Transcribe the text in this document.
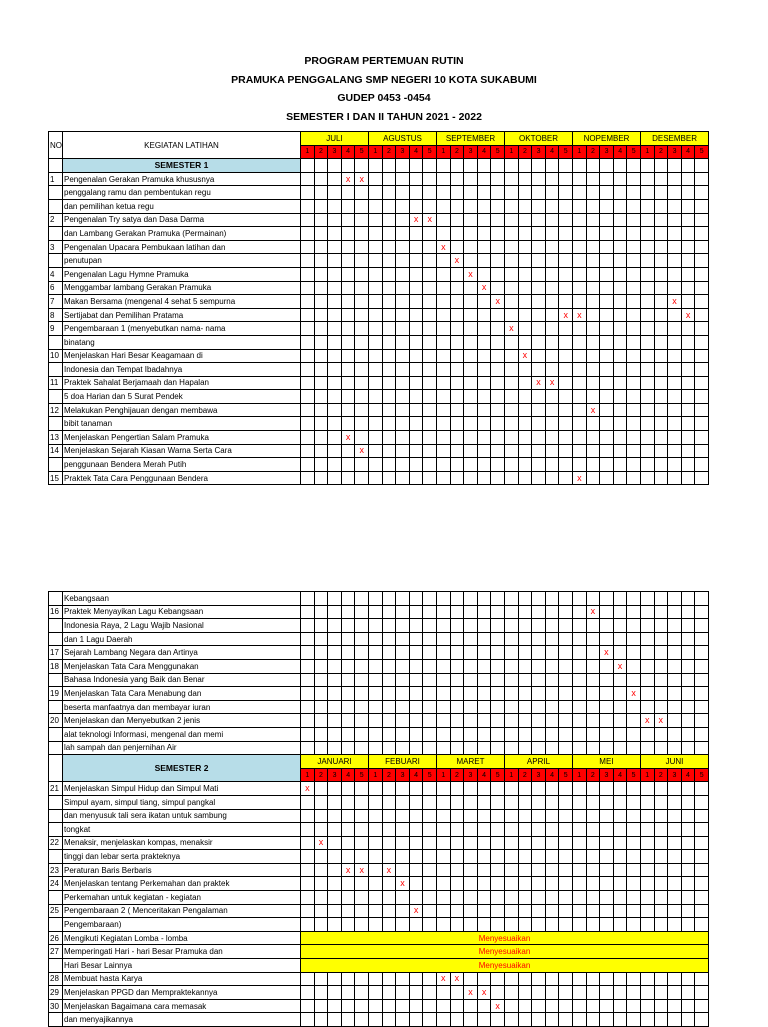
PROGRAM PERTEMUAN RUTIN
PRAMUKA PENGGALANG SMP NEGERI 10 KOTA SUKABUMI
GUDEP 0453 -0454
SEMESTER I DAN II TAHUN 2021 - 2022
NO	KEGIATAN LATIHAN	JULI					AGUSTUS					SEPTEMBER					OKTOBER					NOPEMBER					DESEMBER				
		1	2	3	4	5	1	2	3	4	5	1	2	3	4	5	1	2	3	4	5	1	2	3	4	5	1	2	3	4	5
	SEMESTER 1																														
1	Pengenalan Gerakan Pramuka khususnya				x	x																									
	penggalang ramu dan pembentukan regu																														
	dan pemilihan ketua regu																														
2	Pengenalan Try satya dan Dasa Darma									x	x																				
	dan Lambang Gerakan Pramuka (Permainan)																														
3	Pengenalan Upacara Pembukaan latihan dan											x																			
	penutupan												x																		
4	Pengenalan Lagu Hymne Pramuka													x																	
6	Menggambar lambang Gerakan Pramuka														x																
7	Makan Bersama (mengenal 4 sehat 5 sempurna															x													x		
8	Sertijabat dan Pemilihan Pratama																				x	x								x	
9	Pengembaraan 1 (menyebutkan nama- nama																x														
	binatang																														
10	Menjelaskan Hari Besar Keagamaan di																	x													
	Indonesia dan Tempat Ibadahnya																														
11	Praktek Sahalat Berjamaah dan Hapalan																		x	x											
	5 doa Harian dan 5 Surat Pendek																														
12	Melakukan Penghijauan dengan membawa																						x								
	bibit tanaman																														
13	Menjelaskan Pengertian Salam Pramuka				x																										
14	Menjelaskan Sejarah Kiasan Warna Serta Cara					x																									
	penggunaan Bendera Merah Putih																														
15	Praktek Tata Cara Penggunaan Bendera																					x									
	Kebangsaan																														
16	Praktek Menyayikan Lagu Kebangsaan																						x								
	Indonesia Raya, 2 Lagu Wajib Nasional																														
	dan 1 Lagu Daerah																														
17	Sejarah Lambang Negara dan Artinya																							x							
18	Menjelaskan Tata Cara Menggunakan																								x						
	Bahasa Indonesia yang Baik dan Benar																														
19	Menjelaskan Tata Cara Menabung dan																									x					
	beserta manfaatnya dan membayar iuran																														
20	Menjelaskan dan Menyebutkan 2 jenis																										x	x			
	alat teknologi Informasi, mengenal dan memi																														
	lah sampah dan penjernihan Air																														
	SEMESTER 2	JANUARI					FEBUARI					MARET					APRIL					MEI					JUNI				
		1	2	3	4	5	1	2	3	4	5	1	2	3	4	5	1	2	3	4	5	1	2	3	4	5	1	2	3	4	5
21	Menjelaskan Simpul Hidup dan Simpul Mati	x																													
	Simpul ayam, simpul tiang, simpul pangkal																														
	dan menyusuk tali sera ikatan untuk sambung																														
	tongkat																														
22	Menaksir, menjelaskan kompas, menaksir		x																												
	tinggi dan lebar serta prakteknya																														
23	Peraturan Baris Berbaris				x	x		x																							
24	Menjelaskan tentang Perkemahan dan praktek								x																						
	Perkemahan untuk kegiatan - kegiatan																														
25	Pengembaraan 2 ( Menceritakan Pengalaman									x																					
	Pengembaraan)																														
26	Mengikuti Kegiatan Lomba - lomba	Menyesuaikan																													
27	Memperingati Hari - hari Besar Pramuka dan	Menyesuaikan																													
	Hari Besar Lainnya	Menyesuaikan																													
28	Membuat hasta Karya											x	x																		
29	Menjelaskan PPGD dan Mempraktekannya													x	x																
30	Menjelaskan Bagaimana cara memasak															x															
	dan menyajikannya																														
